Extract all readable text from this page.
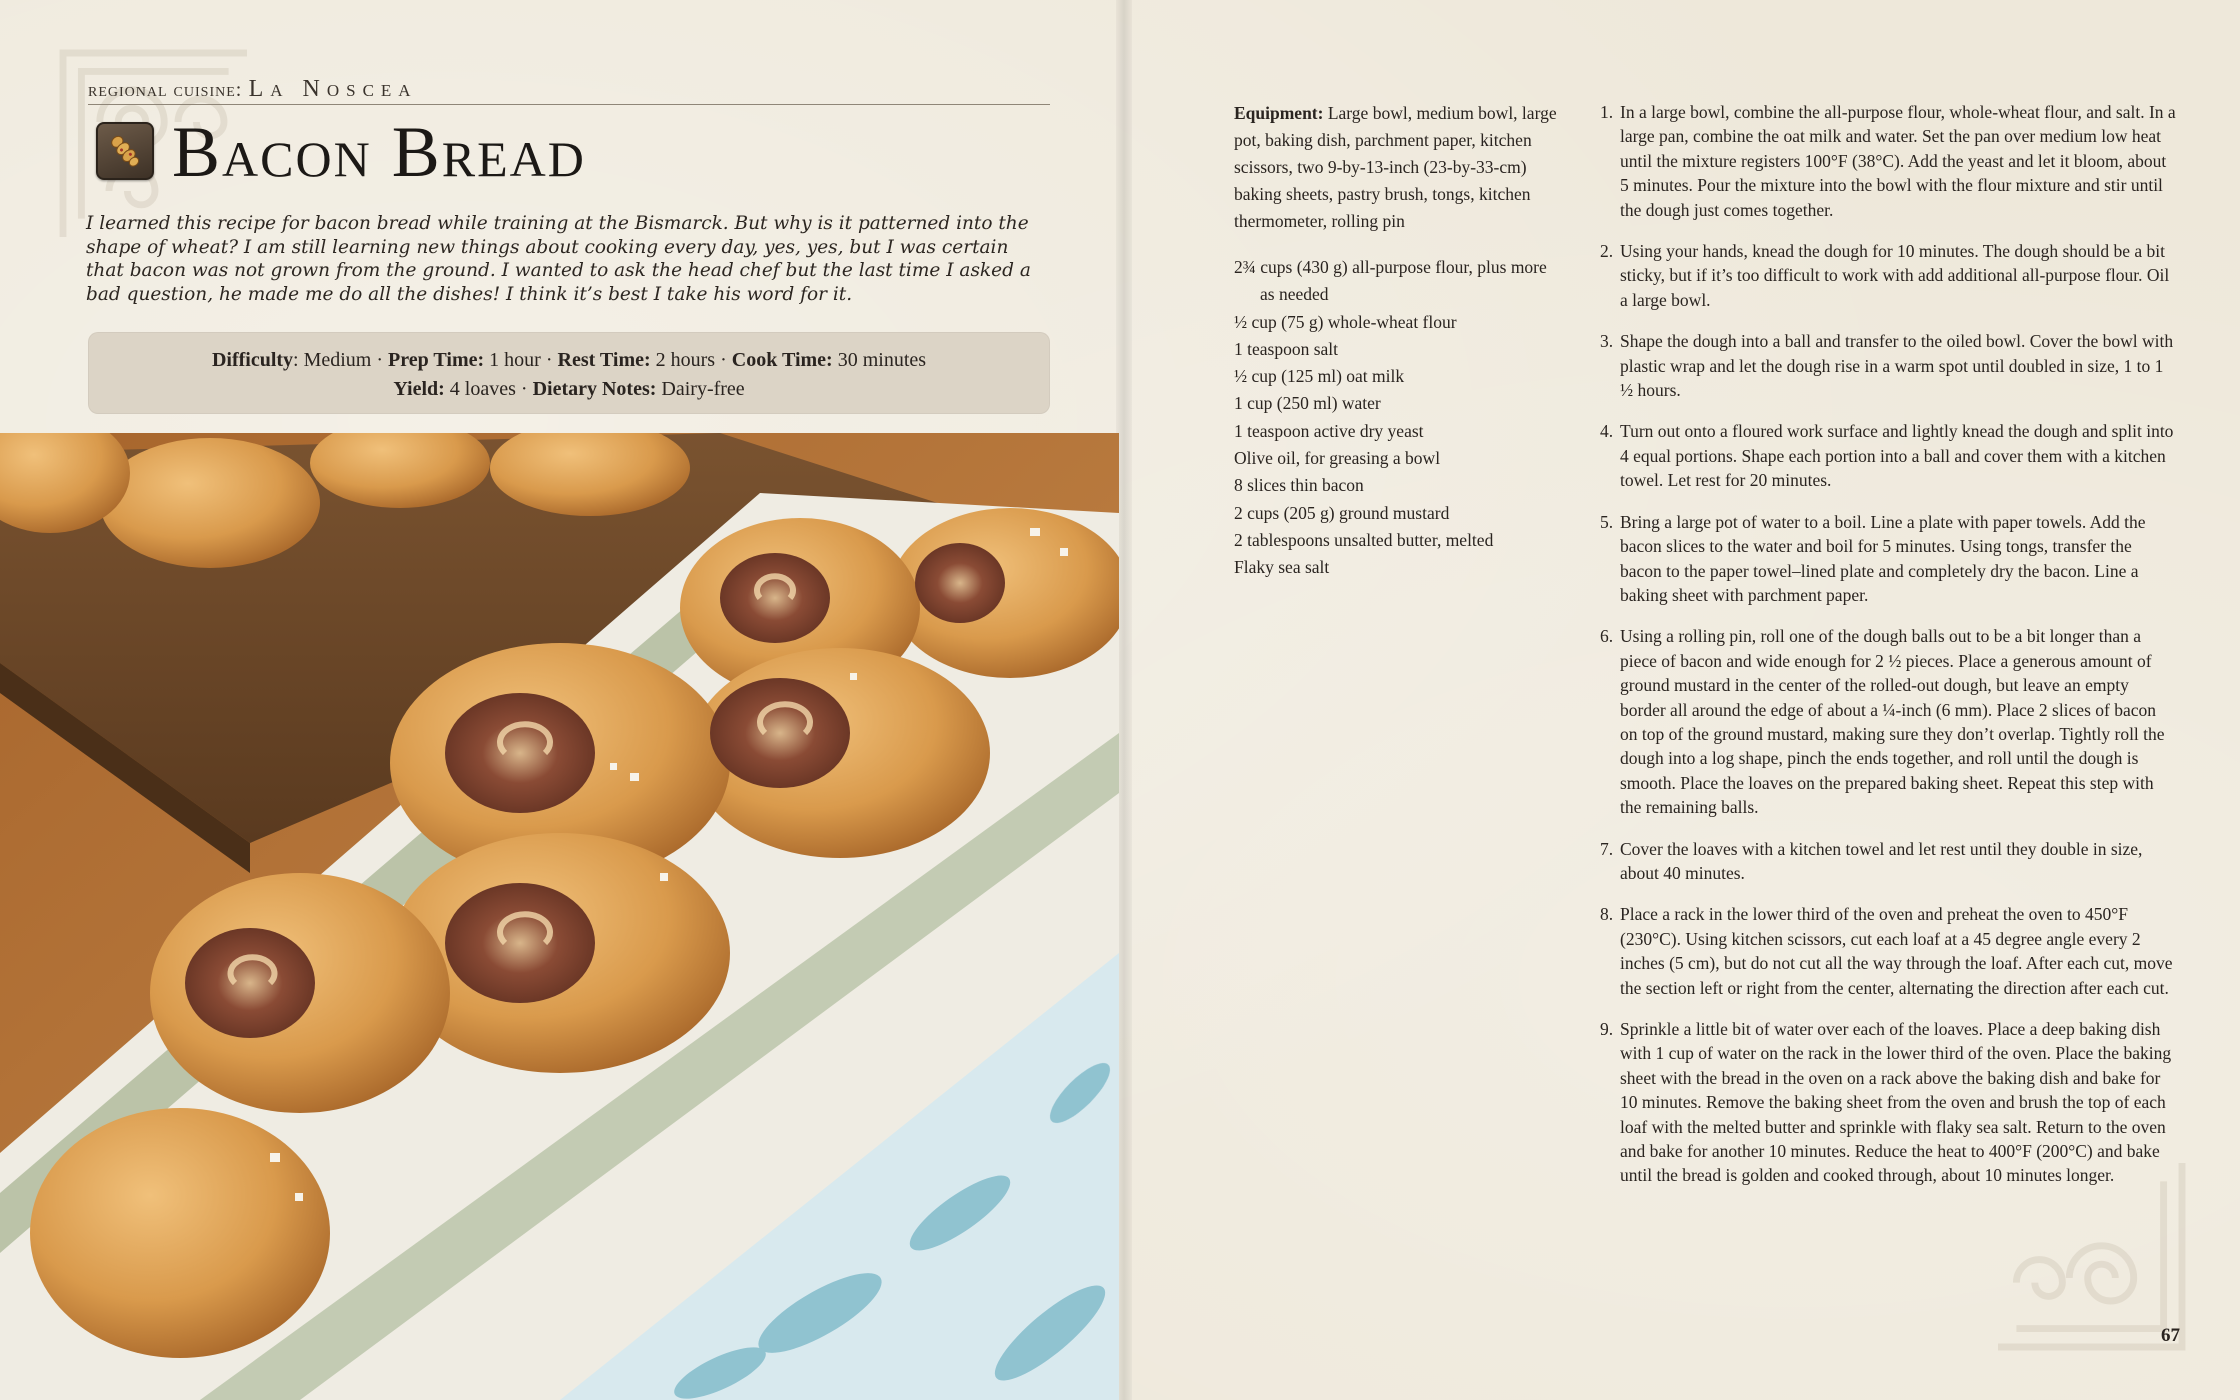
regional cuisine: La Noscea
Bacon Bread

I learned this recipe for bacon bread while training at the Bismarck. But why is it patterned into the shape of wheat? I am still learning new things about cooking every day, yes, yes, but I was certain that bacon was not grown from the ground. I wanted to ask the head chef but the last time I asked a bad question, he made me do all the dishes! I think it’s best I take his word for it.

Difficulty: Medium · Prep Time: 1 hour · Rest Time: 2 hours · Cook Time: 30 minutes
Yield: 4 loaves · Dietary Notes: Dairy-free

Equipment: Large bowl, medium bowl, large pot, baking dish, parchment paper, kitchen scissors, two 9-by-13-inch (23-by-33-cm) baking sheets, pastry brush, tongs, kitchen thermometer, rolling pin

2¾ cups (430 g) all-purpose flour, plus more as needed
½ cup (75 g) whole-wheat flour
1 teaspoon salt
½ cup (125 ml) oat milk
1 cup (250 ml) water
1 teaspoon active dry yeast
Olive oil, for greasing a bowl
8 slices thin bacon
2 cups (205 g) ground mustard
2 tablespoons unsalted butter, melted
Flaky sea salt
1. In a large bowl, combine the all-purpose flour, whole-wheat flour, and salt. In a large pan, combine the oat milk and water. Set the pan over medium low heat until the mixture registers 100°F (38°C). Add the yeast and let it bloom, about 5 minutes. Pour the mixture into the bowl with the flour mixture and stir until the dough just comes together.
2. Using your hands, knead the dough for 10 minutes. The dough should be a bit sticky, but if it’s too difficult to work with add additional all-purpose flour. Oil a large bowl.
3. Shape the dough into a ball and transfer to the oiled bowl. Cover the bowl with plastic wrap and let the dough rise in a warm spot until doubled in size, 1 to 1 ½ hours.
4. Turn out onto a floured work surface and lightly knead the dough and split into 4 equal portions. Shape each portion into a ball and cover them with a kitchen towel. Let rest for 20 minutes.
5. Bring a large pot of water to a boil. Line a plate with paper towels. Add the bacon slices to the water and boil for 5 minutes. Using tongs, transfer the bacon to the paper towel–lined plate and completely dry the bacon. Line a baking sheet with parchment paper.
6. Using a rolling pin, roll one of the dough balls out to be a bit longer than a piece of bacon and wide enough for 2 ½ pieces. Place a generous amount of ground mustard in the center of the rolled-out dough, but leave an empty border all around the edge of about a ¼-inch (6 mm). Place 2 slices of bacon on top of the ground mustard, making sure they don’t overlap. Tightly roll the dough into a log shape, pinch the ends together, and roll until the dough is smooth. Place the loaves on the prepared baking sheet. Repeat this step with the remaining balls.
7. Cover the loaves with a kitchen towel and let rest until they double in size, about 40 minutes.
8. Place a rack in the lower third of the oven and preheat the oven to 450°F (230°C). Using kitchen scissors, cut each loaf at a 45 degree angle every 2 inches (5 cm), but do not cut all the way through the loaf. After each cut, move the section left or right from the center, alternating the direction after each cut.
9. Sprinkle a little bit of water over each of the loaves. Place a deep baking dish with 1 cup of water on the rack in the lower third of the oven. Place the baking sheet with the bread in the oven on a rack above the baking dish and bake for 10 minutes. Remove the baking sheet from the oven and brush the top of each loaf with the melted butter and sprinkle with flaky sea salt. Return to the oven and bake for another 10 minutes. Reduce the heat to 400°F (200°C) and bake until the bread is golden and cooked through, about 10 minutes longer.
67
